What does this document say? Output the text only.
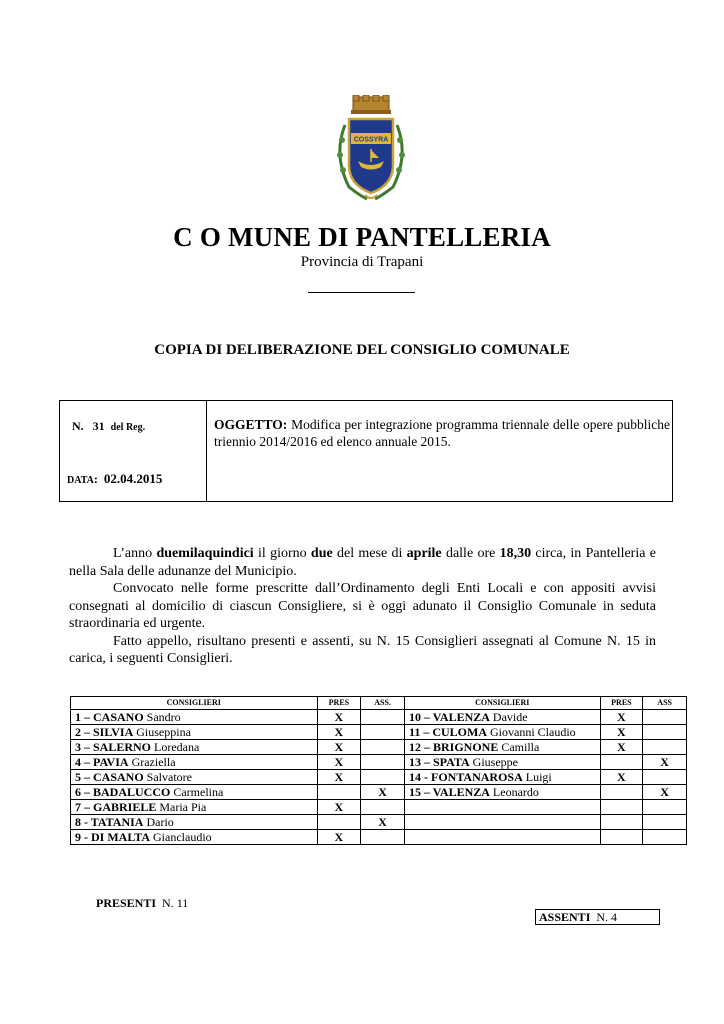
COSSYRA
C O MUNE DI PANTELLERIA
Provincia di Trapani
COPIA DI DELIBERAZIONE DEL CONSIGLIO COMUNALE
N. 31 del Reg.
DATA:  02.04.2015
OGGETTO: Modifica per integrazione programma triennale delle opere pubbliche triennio 2014/2016 ed elenco annuale 2015.

L’anno duemilaquindici il giorno due del mese di aprile dalle ore 18,30 circa, in Pantelleria e nella Sala delle adunanze del Municipio.

Convocato nelle forme prescritte dall’Ordinamento degli Enti Locali e con appositi avvisi consegnati al domicilio di ciascun Consigliere, si è oggi adunato il Consiglio Comunale in seduta straordinaria ed urgente.

Fatto appello, risultano presenti e assenti, su N. 15 Consiglieri assegnati al Comune N. 15 in carica, i seguenti Consiglieri.

CONSIGLIERI	PRES	ASS.	CONSIGLIERI	PRES	ASS
1 – CASANO Sandro	X		10 – VALENZA Davide	X	
2 – SILVIA Giuseppina	X		11 – CULOMA Giovanni Claudio	X	
3 – SALERNO Loredana	X		12 – BRIGNONE Camilla	X	
4 – PAVIA Graziella	X		13 – SPATA Giuseppe		X
5 – CASANO Salvatore	X		14 - FONTANAROSA Luigi	X	
6 – BADALUCCO Carmelina		X	15 – VALENZA Leonardo		X
7 – GABRIELE Maria Pia	X				
8 - TATANIA Dario		X			
9 - DI MALTA Gianclaudio	X				
PRESENTI N. 11
ASSENTI N. 4
